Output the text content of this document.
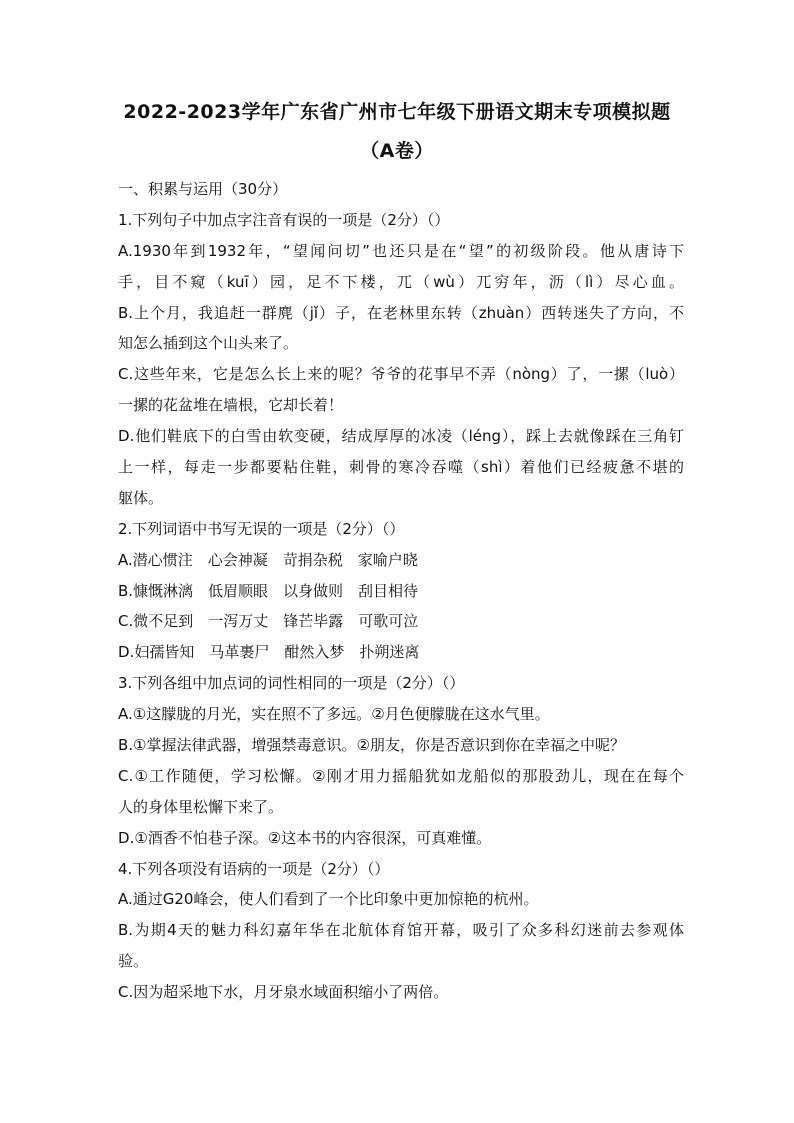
2022-2023学年广东省广州市七年级下册语文期末专项模拟题
（A卷）
一、积累与运用（30分）
1.下列句子中加点字注音有误的一项是（2分）（）
A.1930年到1932年，“望闻问切”也还只是在“望”的初级阶段。他从唐诗下
手，目不窥（kuī）园，足不下楼，兀（wù）兀穷年，沥（lì）尽心血。
B.上个月，我追赶一群麂（jǐ）子，在老林里东转（zhuàn）西转迷失了方向，不
知怎么插到这个山头来了。
C.这些年来，它是怎么长上来的呢？爷爷的花事早不弄（nòng）了，一摞（luò）
一摞的花盆堆在墙根，它却长着！
D.他们鞋底下的白雪由软变硬，结成厚厚的冰凌（léng），踩上去就像踩在三角钉
上一样，每走一步都要粘住鞋，刺骨的寒冷吞噬（shì）着他们已经疲惫不堪的
躯体。
2.下列词语中书写无误的一项是（2分）（）
A.潜心惯注　心会神凝　苛捐杂税　家喻户晓
B.慷慨淋漓　低眉顺眼　以身做则　刮目相待
C.微不足到　一泻万丈　锋芒毕露　可歌可泣
D.妇孺皆知　马革裹尸　酣然入梦　扑朔迷离
3.下列各组中加点词的词性相同的一项是（2分）（）
A.①这朦胧的月光，实在照不了多远。②月色便朦胧在这水气里。
B.①掌握法律武器，增强禁毒意识。②朋友，你是否意识到你在幸福之中呢？
C.①工作随便，学习松懈。②刚才用力摇船犹如龙船似的那股劲儿，现在在每个
人的身体里松懈下来了。
D.①酒香不怕巷子深。②这本书的内容很深，可真难懂。
4.下列各项没有语病的一项是（2分）（）
A.通过G20峰会，使人们看到了一个比印象中更加惊艳的杭州。
B.为期4天的魅力科幻嘉年华在北航体育馆开幕，吸引了众多科幻迷前去参观体
验。
C.因为超采地下水，月牙泉水域面积缩小了两倍。
